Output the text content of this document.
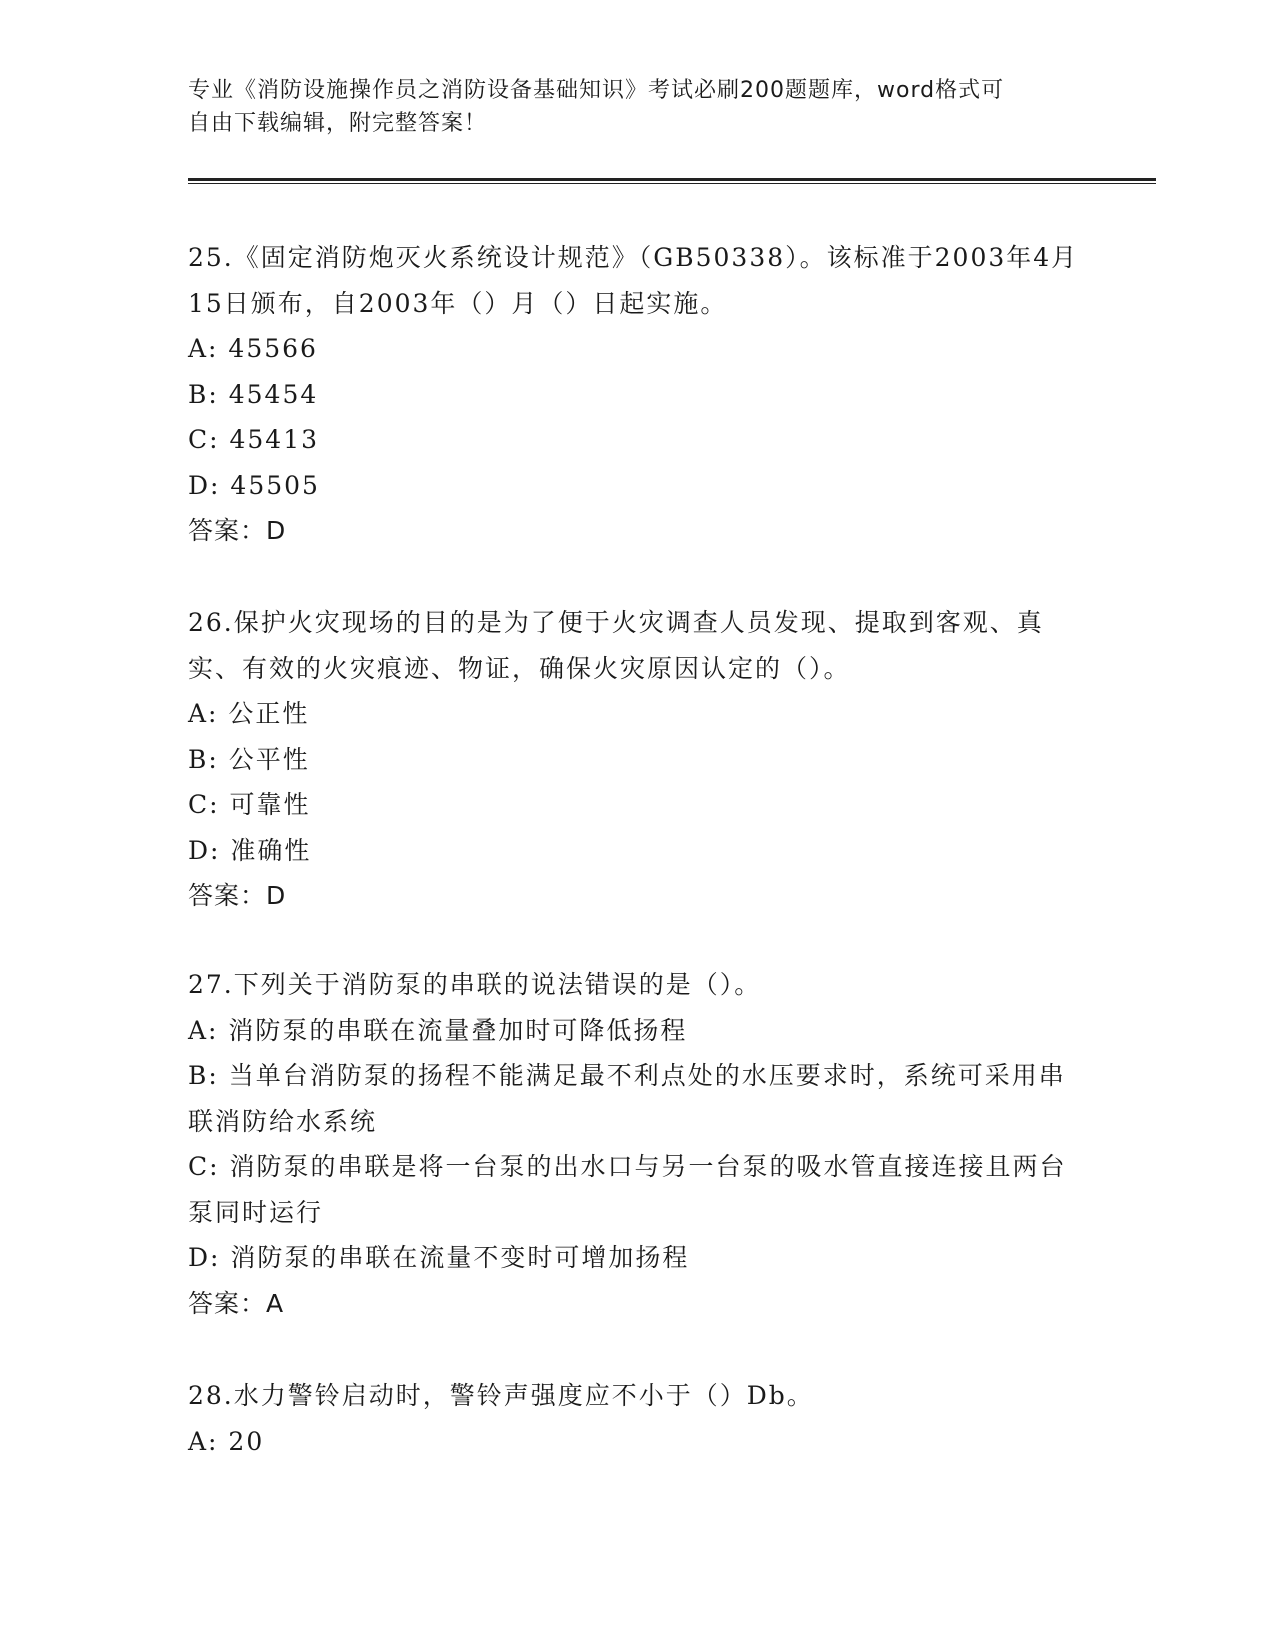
专业《消防设施操作员之消防设备基础知识》考试必刷200题题库，word格式可
自由下载编辑，附完整答案！

25.《固定消防炮灭火系统设计规范》（GB50338）。该标准于2003年4月15日颁布，自2003年（）月（）日起实施。

A: 45566

B: 45454

C: 45413

D: 45505

答案：D

26.保护火灾现场的目的是为了便于火灾调查人员发现、提取到客观、真实、有效的火灾痕迹、物证，确保火灾原因认定的（）。

A: 公正性

B: 公平性

C: 可靠性

D: 准确性

答案：D

27.下列关于消防泵的串联的说法错误的是（）。

A: 消防泵的串联在流量叠加时可降低扬程

B: 当单台消防泵的扬程不能满足最不利点处的水压要求时，系统可采用串联消防给水系统

C: 消防泵的串联是将一台泵的出水口与另一台泵的吸水管直接连接且两台泵同时运行

D: 消防泵的串联在流量不变时可增加扬程

答案：A

28.水力警铃启动时，警铃声强度应不小于（）Db。

A: 20
